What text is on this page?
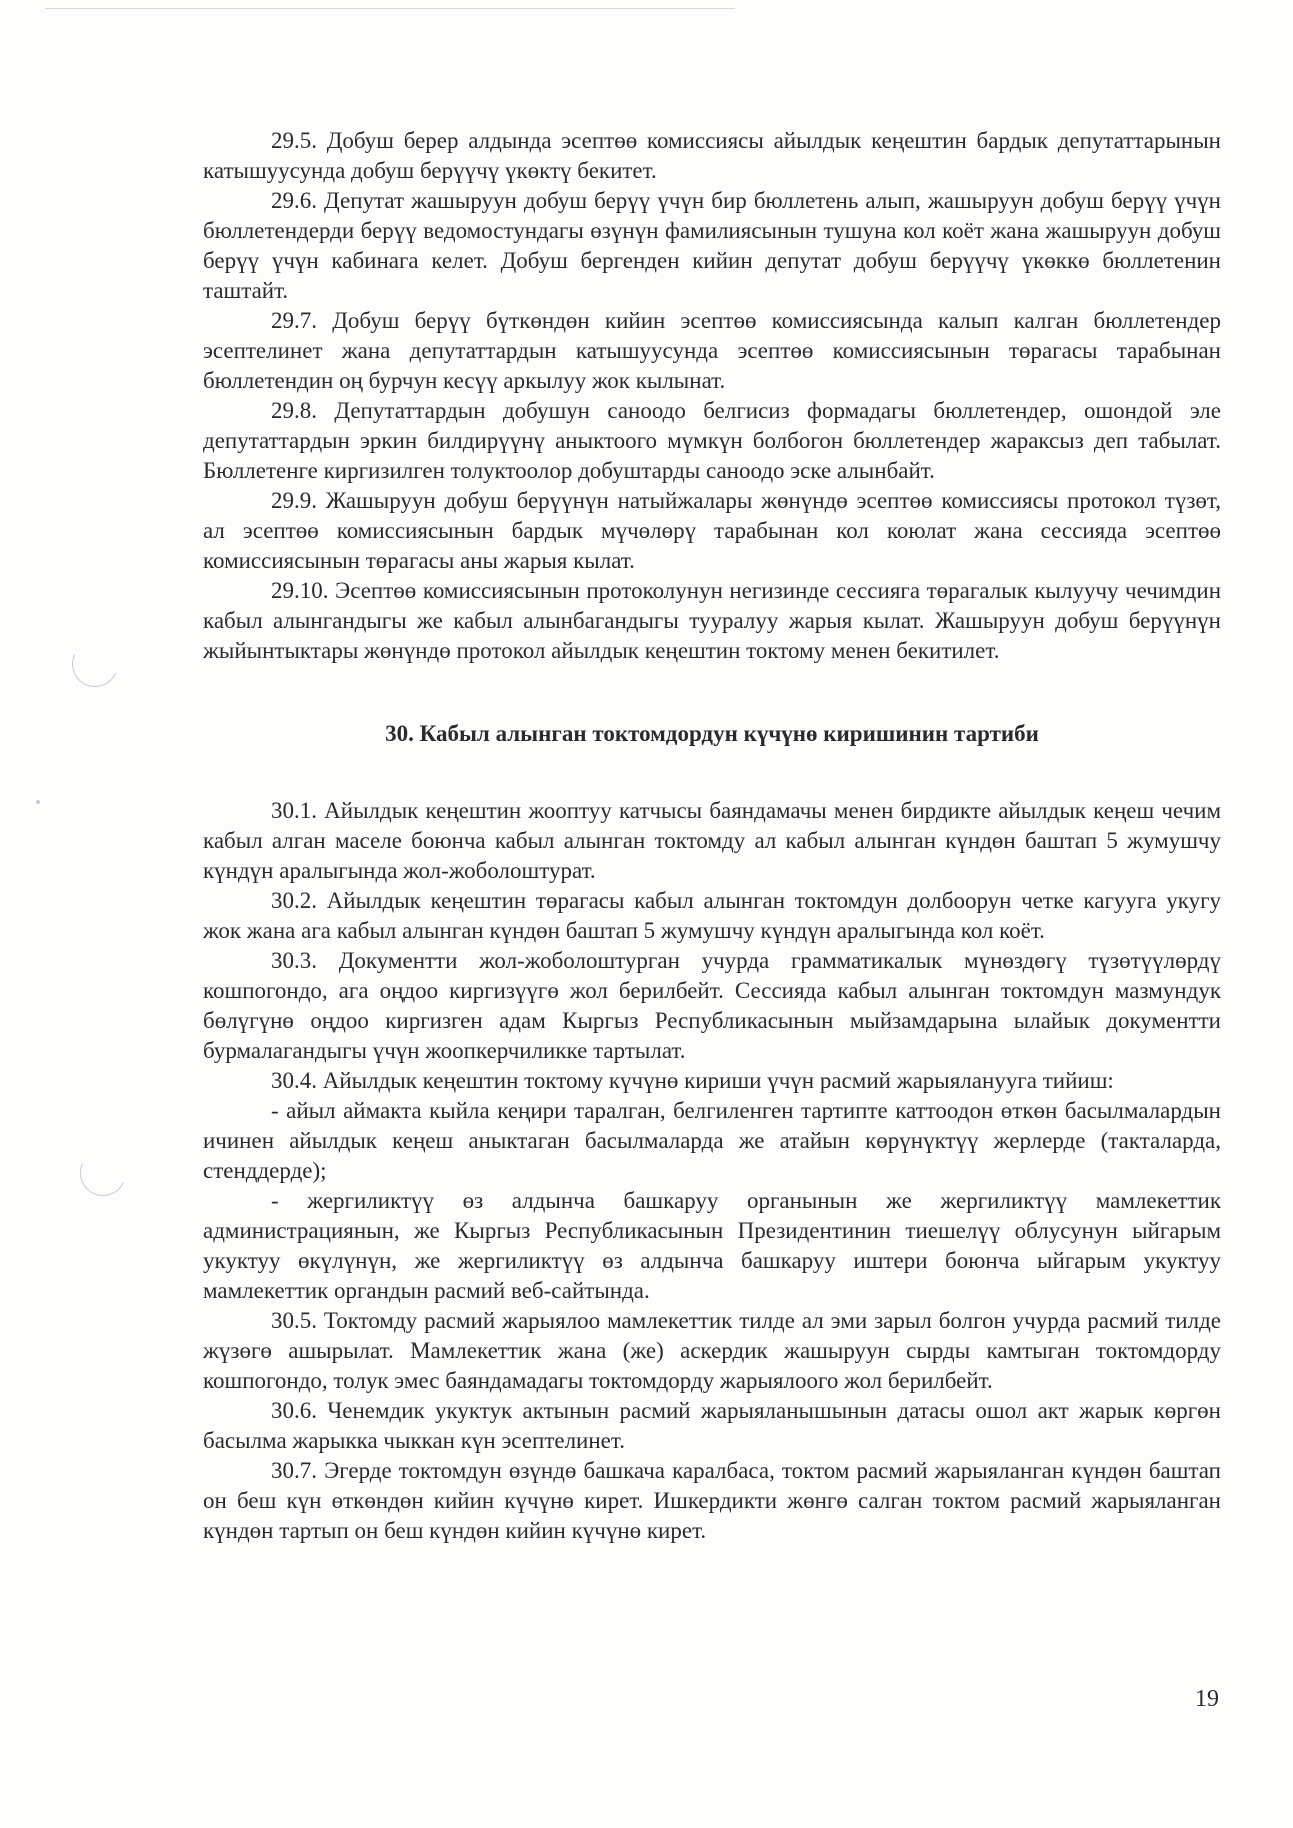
29.5. Добуш берер алдында эсептөө комиссиясы айылдык кеңештин бардык депутаттарынын катышуусунда добуш берүүчү үкөктү бекитет.

29.6. Депутат жашыруун добуш берүү үчүн бир бюллетень алып, жашыруун добуш берүү үчүн бюллетендерди берүү ведомостундагы өзүнүн фамилиясынын тушуна кол коёт жана жашыруун добуш берүү үчүн кабинага келет. Добуш бергенден кийин депутат добуш берүүчү үкөккө бюллетенин таштайт.

29.7. Добуш берүү бүткөндөн кийин эсептөө комиссиясында калып калган бюллетендер эсептелинет жана депутаттардын катышуусунда эсептөө комиссиясынын төрагасы тарабынан бюллетендин оң бурчун кесүү аркылуу жок кылынат.

29.8. Депутаттардын добушун саноодо белгисиз формадагы бюллетендер, ошондой эле депутаттардын эркин билдирүүнү аныктоого мүмкүн болбогон бюллетендер жараксыз деп табылат. Бюллетенге киргизилген толуктоолор добуштарды саноодо эске алынбайт.

29.9. Жашыруун добуш берүүнүн натыйжалары жөнүндө эсептөө комиссиясы протокол түзөт, ал эсептөө комиссиясынын бардык мүчөлөрү тарабынан кол коюлат жана сессияда эсептөө комиссиясынын төрагасы аны жарыя кылат.

29.10. Эсептөө комиссиясынын протоколунун негизинде сессияга төрагалык кылуучу чечимдин кабыл алынгандыгы же кабыл алынбагандыгы тууралуу жарыя кылат. Жашыруун добуш берүүнүн жыйынтыктары жөнүндө протокол айылдык кеңештин токтому менен бекитилет.

30. Кабыл алынган токтомдордун күчүнө киришинин тартиби

30.1. Айылдык кеңештин жооптуу катчысы баяндамачы менен бирдикте айылдык кеңеш чечим кабыл алган маселе боюнча кабыл алынган токтомду ал кабыл алынган күндөн баштап 5 жумушчу күндүн аралыгында жол-жоболоштурат.

30.2. Айылдык кеңештин төрагасы кабыл алынган токтомдун долбоорун четке кагууга укугу жок жана ага кабыл алынган күндөн баштап 5 жумушчу күндүн аралыгында кол коёт.

30.3. Документти жол-жоболоштурган учурда грамматикалык мүнөздөгү түзөтүүлөрдү кошпогондо, ага оңдоо киргизүүгө жол берилбейт. Сессияда кабыл алынган токтомдун мазмундук бөлүгүнө оңдоо киргизген адам Кыргыз Республикасынын мыйзамдарына ылайык документти бурмалагандыгы үчүн жоопкерчиликке тартылат.

30.4. Айылдык кеңештин токтому күчүнө кириши үчүн расмий жарыялануугa тийиш:

- айыл аймакта кыйла кеңири таралган, белгиленген тартипте каттоодон өткөн басылмалардын ичинен айылдык кеңеш аныктаган басылмаларда же атайын көрүнүктүү жерлерде (такталарда, стенддерде);

- жергиликтүү өз алдынча башкаруу органынын же жергиликтүү мамлекеттик администрациянын, же Кыргыз Республикасынын Президентинин тиешелүү облусунун ыйгарым укуктуу өкүлүнүн, же жергиликтүү өз алдынча башкаруу иштери боюнча ыйгарым укуктуу мамлекеттик органдын расмий веб-сайтында.

30.5. Токтомду расмий жарыялоо мамлекеттик тилде ал эми зарыл болгон учурда расмий тилде жүзөгө ашырылат. Мамлекеттик жана (же) аскердик жашыруун сырды камтыган токтомдорду кошпогондо, толук эмес баяндамадагы токтомдорду жарыялоого жол берилбейт.

30.6. Ченемдик укуктук актынын расмий жарыяланышынын датасы ошол акт жарык көргөн басылма жарыкка чыккан күн эсептелинет.

30.7. Эгерде токтомдун өзүндө башкача каралбаса, токтом расмий жарыяланган күндөн баштап он беш күн өткөндөн кийин күчүнө кирет. Ишкердикти жөнгө салган токтом расмий жарыяланган күндөн тартып он беш күндөн кийин күчүнө кирет.

19
